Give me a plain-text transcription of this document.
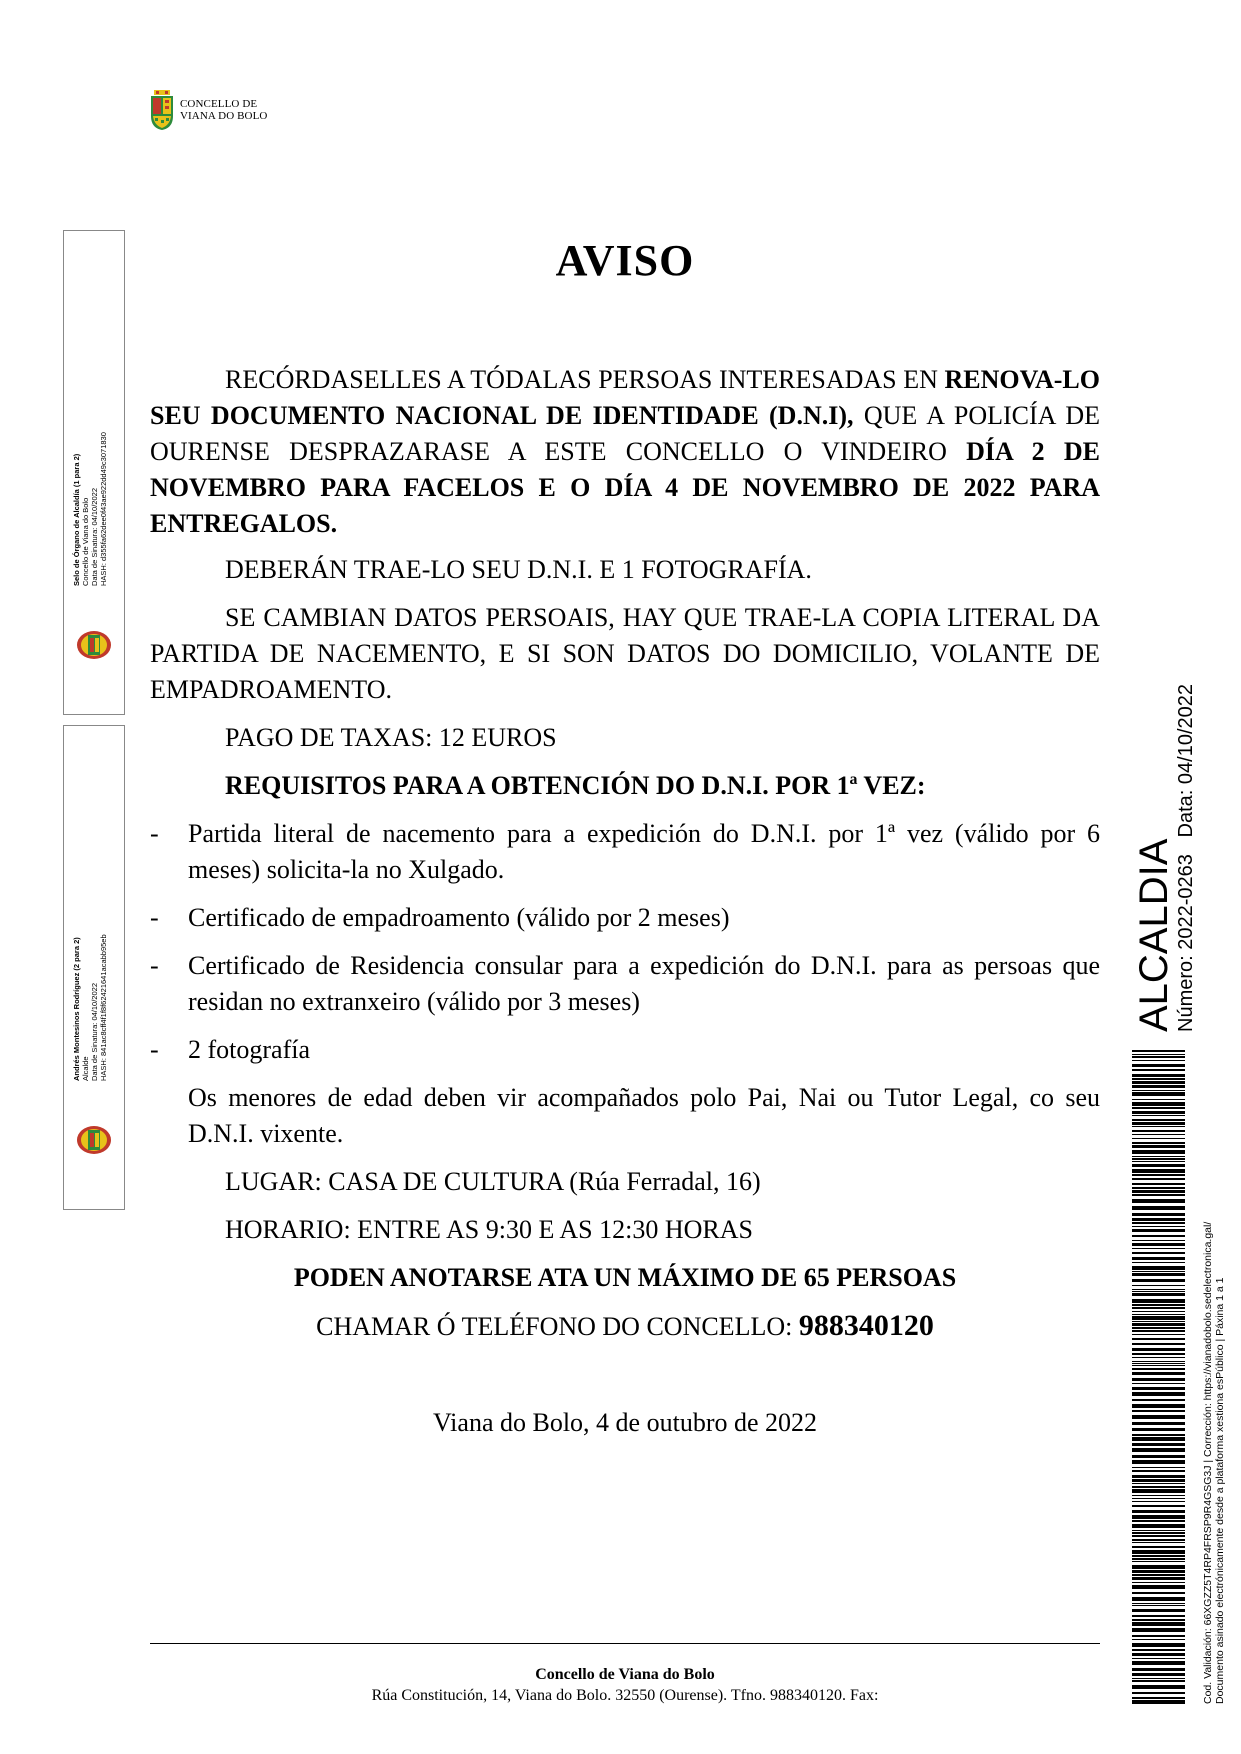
CONCELLO DE
VIANA DO BOLO
Selo de Órgano de Alcaldía (1 para 2) Concello de Viana do Bolo Data de Sinatura: 04/10/2022 HASH: d355fa62dee0f43ae922dd49c3071830
Andrés Montesinos Rodríguez (2 para 2) Alcalde Data de Sinatura: 04/10/2022 HASH: 841ac8cff4f1f8f62421641acabb95eb
AVISO

RECÓRDASELLES A TÓDALAS PERSOAS INTERESADAS EN RENOVA-LO SEU DOCUMENTO NACIONAL DE IDENTIDADE (D.N.I), QUE A POLICÍA DE OURENSE DESPRAZARASE A ESTE CONCELLO O VINDEIRO DÍA 2 DE NOVEMBRO PARA FACELOS E O DÍA 4 DE NOVEMBRO DE 2022 PARA ENTREGALOS.

DEBERÁN TRAE-LO SEU D.N.I. E 1 FOTOGRAFÍA.

SE CAMBIAN DATOS PERSOAIS, HAY QUE TRAE-LA COPIA LITERAL DA PARTIDA DE NACEMENTO, E SI SON DATOS DO DOMICILIO, VOLANTE DE EMPADROAMENTO.

PAGO DE TAXAS: 12 EUROS

REQUISITOS PARA A OBTENCIÓN DO D.N.I. POR 1ª VEZ:

- Partida literal de nacemento para a expedición do D.N.I. por 1ª vez (válido por 6 meses) solicita-la no Xulgado.
- Certificado de empadroamento (válido por 2 meses)
- Certificado de Residencia consular para a expedición do D.N.I. para as persoas que residan no extranxeiro (válido por 3 meses)
- 2 fotografía

Os menores de edad deben vir acompañados polo Pai, Nai ou Tutor Legal, co seu D.N.I. vixente.

LUGAR: CASA DE CULTURA (Rúa Ferradal, 16)

HORARIO: ENTRE AS 9:30 E AS 12:30 HORAS

PODEN ANOTARSE ATA UN MÁXIMO DE 65 PERSOAS

CHAMAR Ó TELÉFONO DO CONCELLO: 988340120

Viana do Bolo, 4 de outubro de 2022

Concello de Viana do Bolo
Rúa Constitución, 14, Viana do Bolo. 32550 (Ourense). Tfno. 988340120. Fax:
ALCALDIA Número: 2022-0263   Data: 04/10/2022
Cod. Validación: 66XGZZ5T4RP4FRSP9R4GSG3J | Corrección: https://vianadobolo.sedelectronica.gal/ Documento asinado electrónicamente desde a plataforma xestiona esPúblico | Páxina 1 a 1
